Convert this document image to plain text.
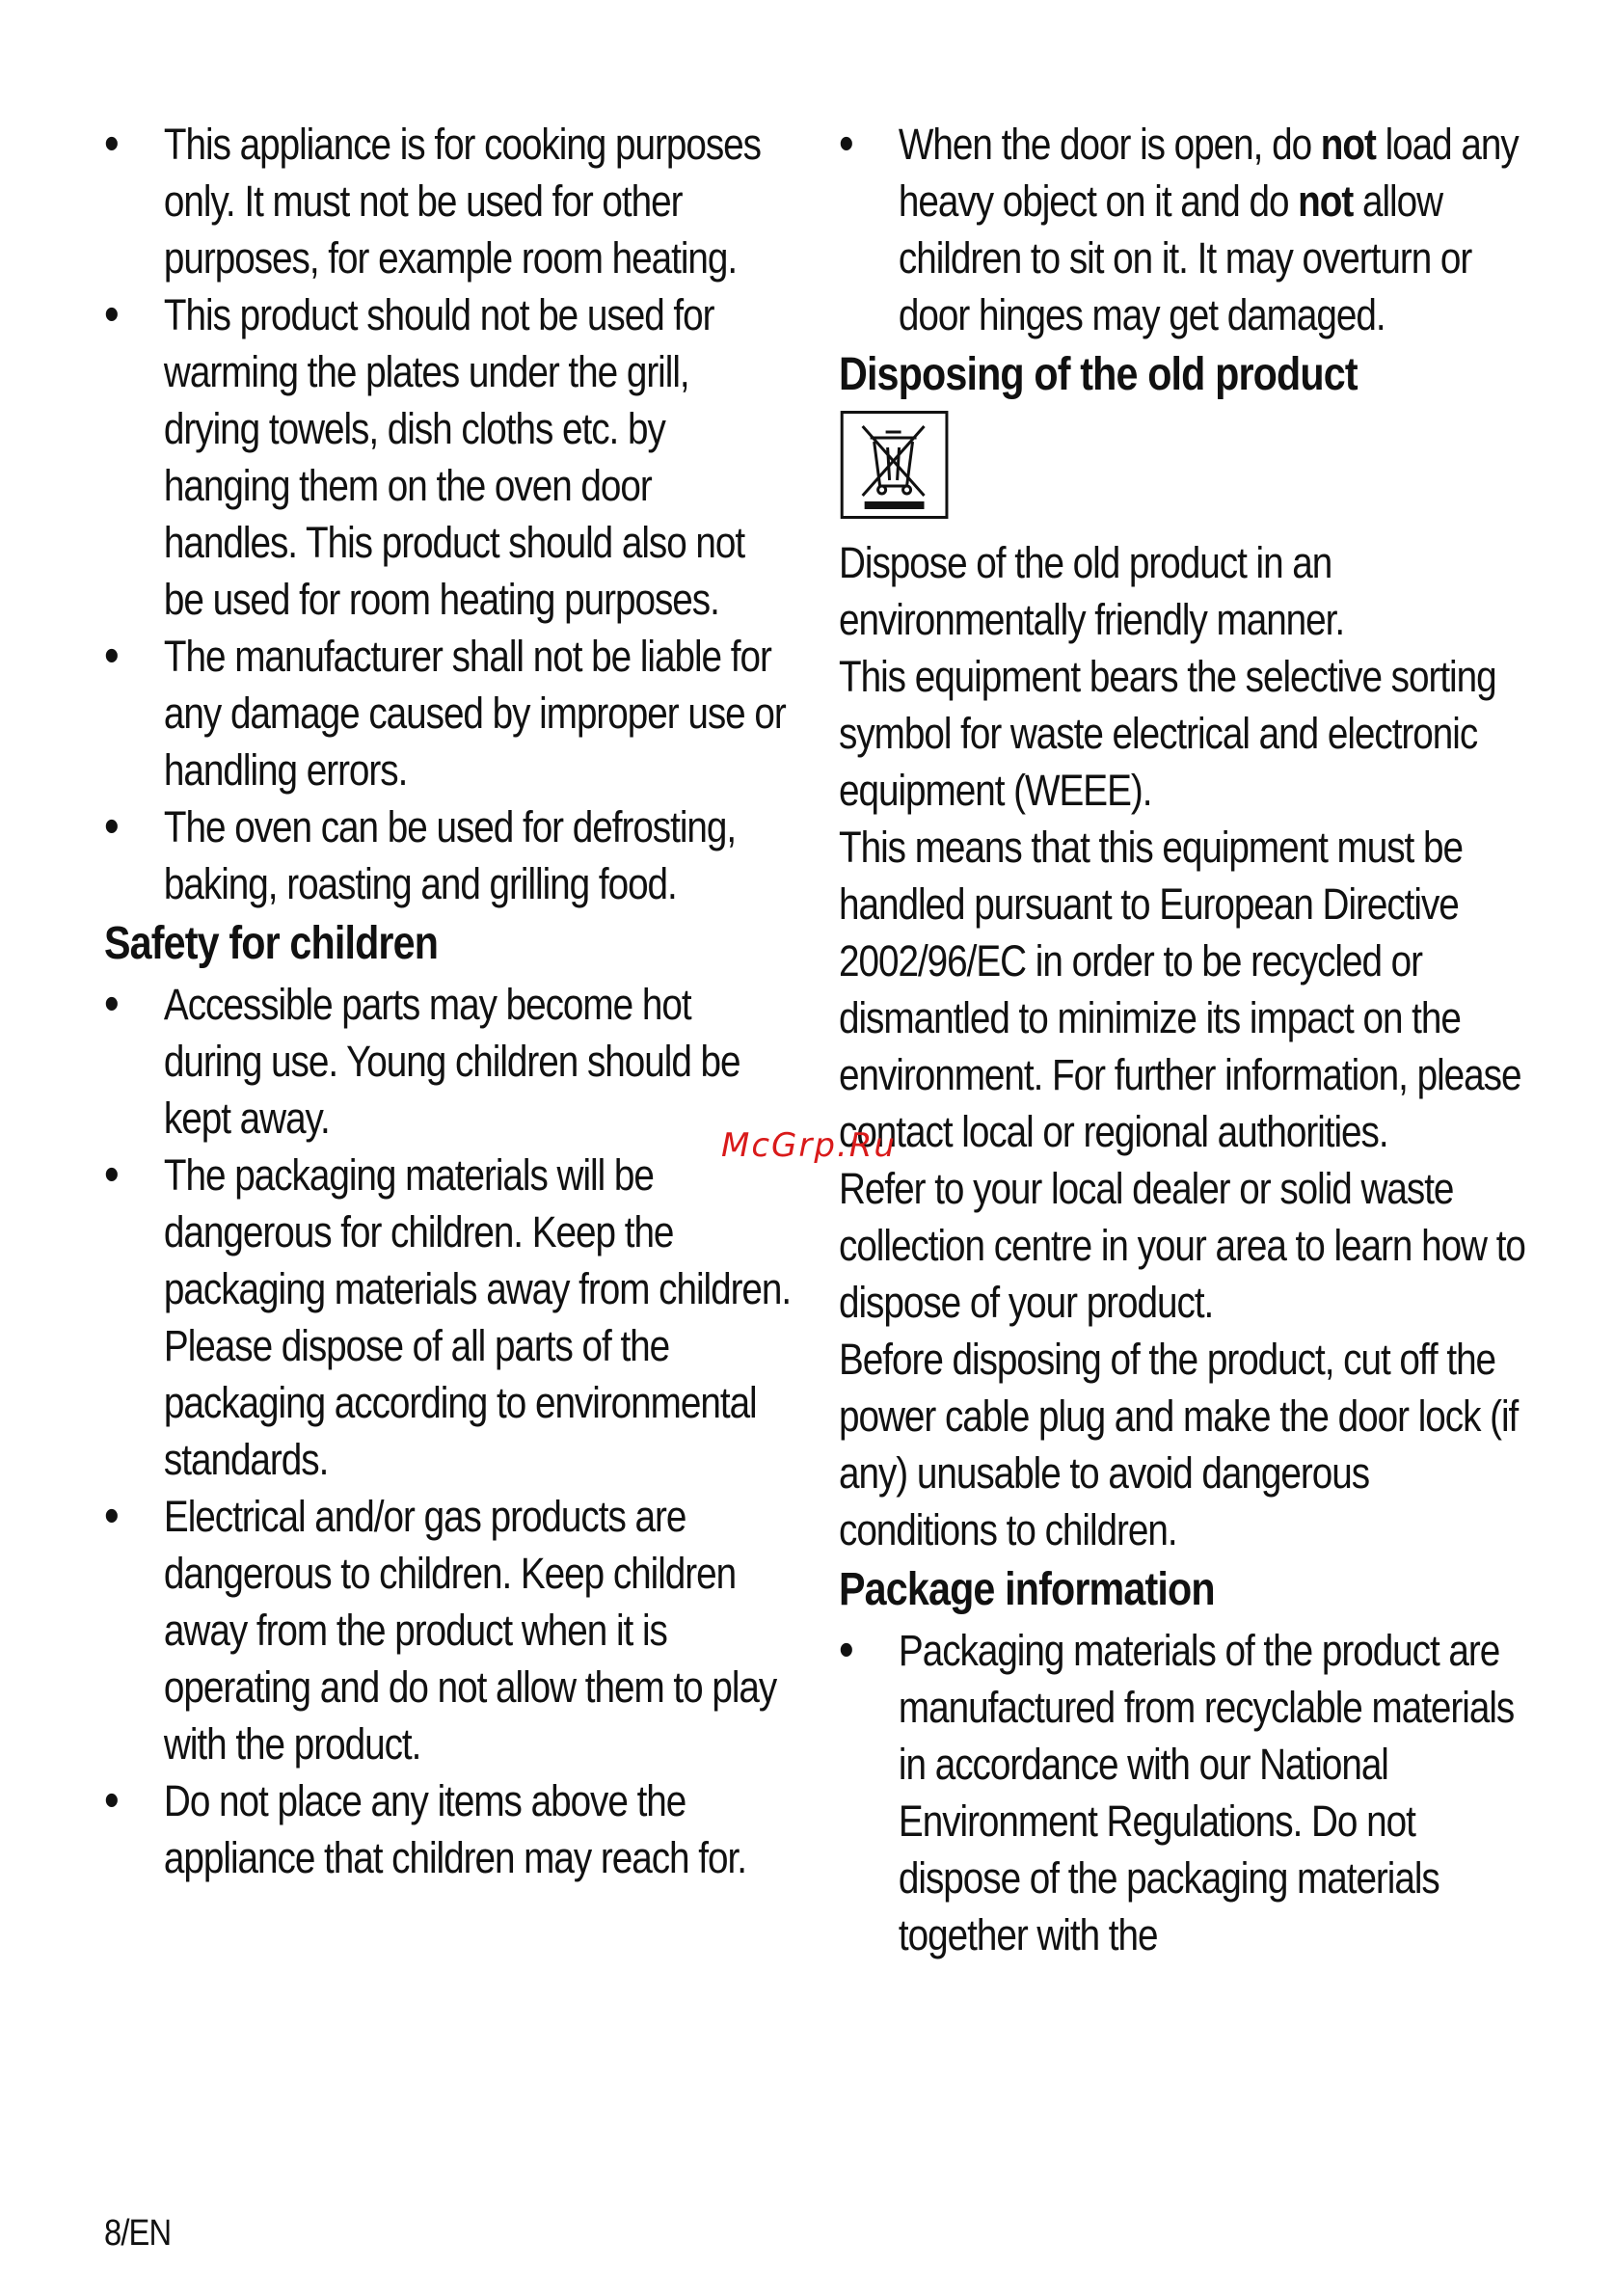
• This appliance is for cooking purposes only. It must not be used for other purposes, for example room heating.
• This product should not be used for warming the plates under the grill, drying towels, dish cloths etc. by hanging them on the oven door handles. This product should also not be used for room heating purposes.
• The manufacturer shall not be liable for any damage caused by improper use or handling errors.
• The oven can be used for defrosting, baking, roasting and grilling food.
Safety for children
• Accessible parts may become hot during use. Young children should be kept away.
• The packaging materials will be dangerous for children. Keep the packaging materials away from children. Please dispose of all parts of the packaging according to environmental standards.
• Electrical and/or gas products are dangerous to children. Keep children away from the product when it is operating and do not allow them to play with the product.
• Do not place any items above the appliance that children may reach for.
• When the door is open, do not load any heavy object on it and do not allow children to sit on it. It may overturn or door hinges may get damaged.
Disposing of the old product

Dispose of the old product in an environmentally friendly manner.

This equipment bears the selective sorting symbol for waste electrical and electronic equipment (WEEE).

This means that this equipment must be handled pursuant to European Directive 2002/96/EC in order to be recycled or dismantled to minimize its impact on the environment. For further information, please contact local or regional authorities.

Refer to your local dealer or solid waste collection centre in your area to learn how to dispose of your product.

Before disposing of the product, cut off the power cable plug and make the door lock (if any) unusable to avoid dangerous conditions to children.

Package information
• Packaging materials of the product are manufactured from recyclable materials in accordance with our National Environment Regulations. Do not dispose of the packaging materials together with the
McGrp.Ru
8/EN
